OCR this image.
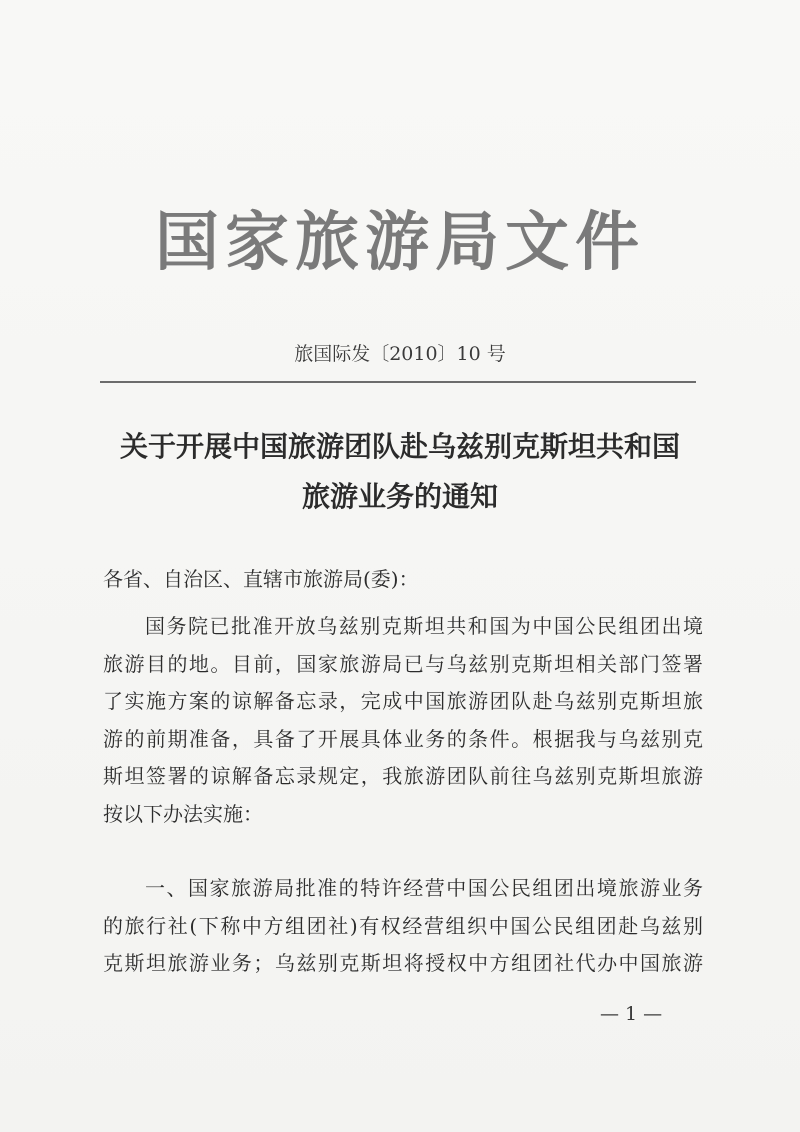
国家旅游局文件
旅国际发〔2010〕10 号
关于开展中国旅游团队赴乌兹别克斯坦共和国
旅游业务的通知
各省、自治区、直辖市旅游局(委)：
国务院已批准开放乌兹别克斯坦共和国为中国公民组团出境
旅游目的地。目前，国家旅游局已与乌兹别克斯坦相关部门签署
了实施方案的谅解备忘录，完成中国旅游团队赴乌兹别克斯坦旅
游的前期准备，具备了开展具体业务的条件。根据我与乌兹别克
斯坦签署的谅解备忘录规定，我旅游团队前往乌兹别克斯坦旅游
按以下办法实施：
一、国家旅游局批准的特许经营中国公民组团出境旅游业务
的旅行社(下称中方组团社)有权经营组织中国公民组团赴乌兹别
克斯坦旅游业务；乌兹别克斯坦将授权中方组团社代办中国旅游
— 1 —
